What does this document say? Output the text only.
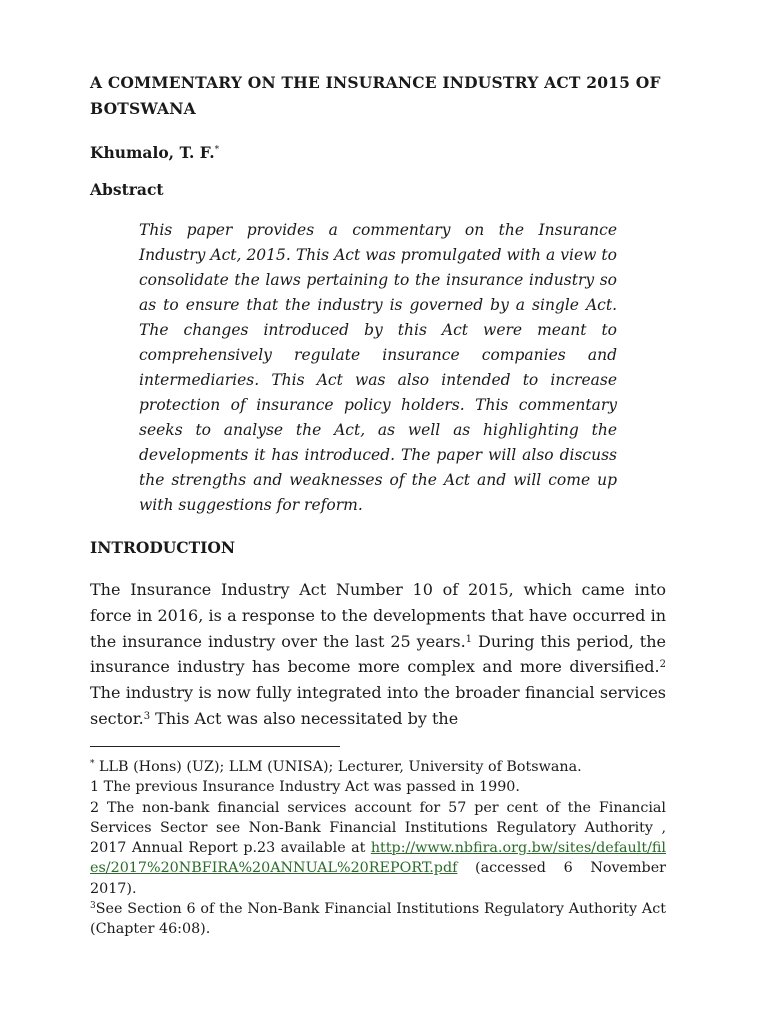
A COMMENTARY ON THE INSURANCE INDUSTRY ACT 2015 OF BOTSWANA
Khumalo, T. F.*
Abstract
This paper provides a commentary on the Insurance Industry Act, 2015. This Act was promulgated with a view to consolidate the laws pertaining to the insurance industry so as to ensure that the industry is governed by a single Act. The changes introduced by this Act were meant to comprehensively regulate insurance companies and intermediaries. This Act was also intended to increase protection of insurance policy holders. This commentary seeks to analyse the Act, as well as highlighting the developments it has introduced. The paper will also discuss the strengths and weaknesses of the Act and will come up with suggestions for reform.
INTRODUCTION
The Insurance Industry Act Number 10 of 2015, which came into force in 2016, is a response to the developments that have occurred in the insurance industry over the last 25 years.$^1$ During this period, the insurance industry has become more complex and more diversified.$^2$ The industry is now fully integrated into the broader financial services sector.$^3$ This Act was also necessitated by the

* LLB (Hons) (UZ); LLM (UNISA); Lecturer, University of Botswana.

1 The previous Insurance Industry Act was passed in 1990.

2 The non-bank financial services account for 57 per cent of the Financial Services Sector see Non-Bank Financial Institutions Regulatory Authority , 2017 Annual Report p.23 available at http://www.nbfira.org.bw/sites/default/files/2017%20NBFIRA%20ANNUAL%20REPORT.pdf (accessed 6 November 2017).

$^3$See Section 6 of the Non-Bank Financial Institutions Regulatory Authority Act (Chapter 46:08).
